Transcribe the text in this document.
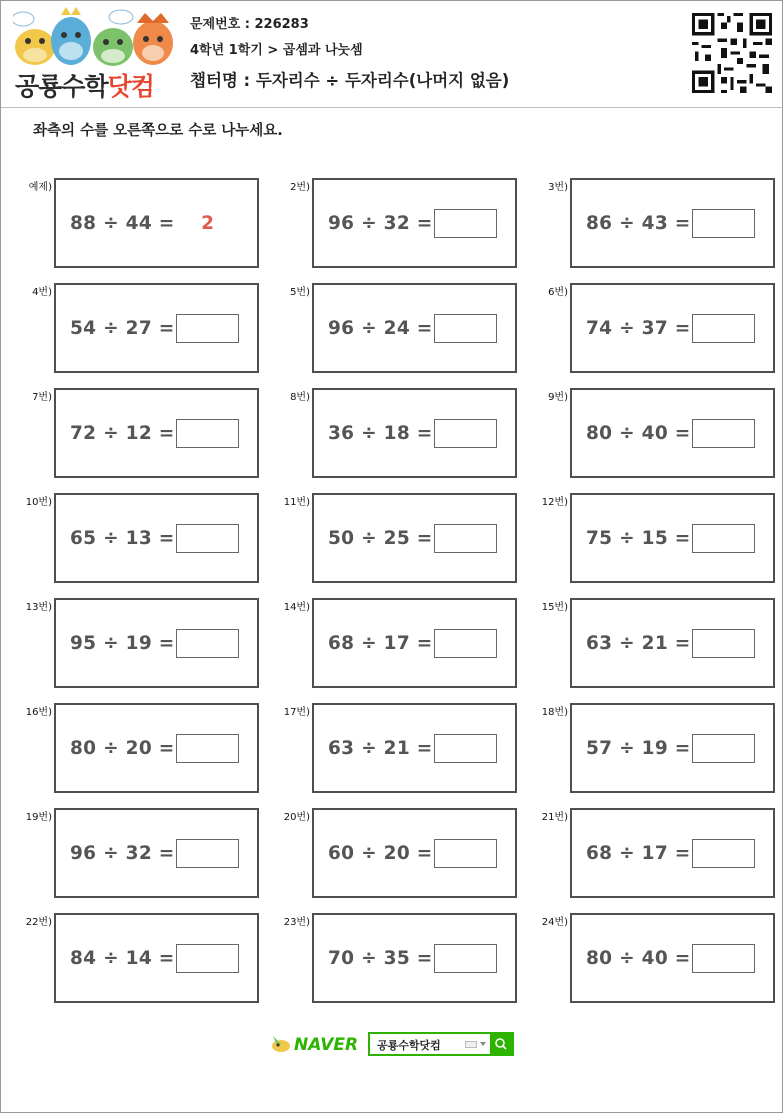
공룡수학닷컴
문제번호 : 226283
4학년 1학기 > 곱셈과 나눗셈
챕터명 : 두자리수 ÷ 두자리수(나머지 없음)
좌측의 수를 오른쪽으로 수로 나누세요.
예제)
88 ÷ 44 =	2
2번)
96 ÷ 32 =
3번)
86 ÷ 43 =
4번)
54 ÷ 27 =
5번)
96 ÷ 24 =
6번)
74 ÷ 37 =
7번)
72 ÷ 12 =
8번)
36 ÷ 18 =
9번)
80 ÷ 40 =
10번)
65 ÷ 13 =
11번)
50 ÷ 25 =
12번)
75 ÷ 15 =
13번)
95 ÷ 19 =
14번)
68 ÷ 17 =
15번)
63 ÷ 21 =
16번)
80 ÷ 20 =
17번)
63 ÷ 21 =
18번)
57 ÷ 19 =
19번)
96 ÷ 32 =
20번)
60 ÷ 20 =
21번)
68 ÷ 17 =
22번)
84 ÷ 14 =
23번)
70 ÷ 35 =
24번)
80 ÷ 40 =
NAVER 공룡수학닷컴
